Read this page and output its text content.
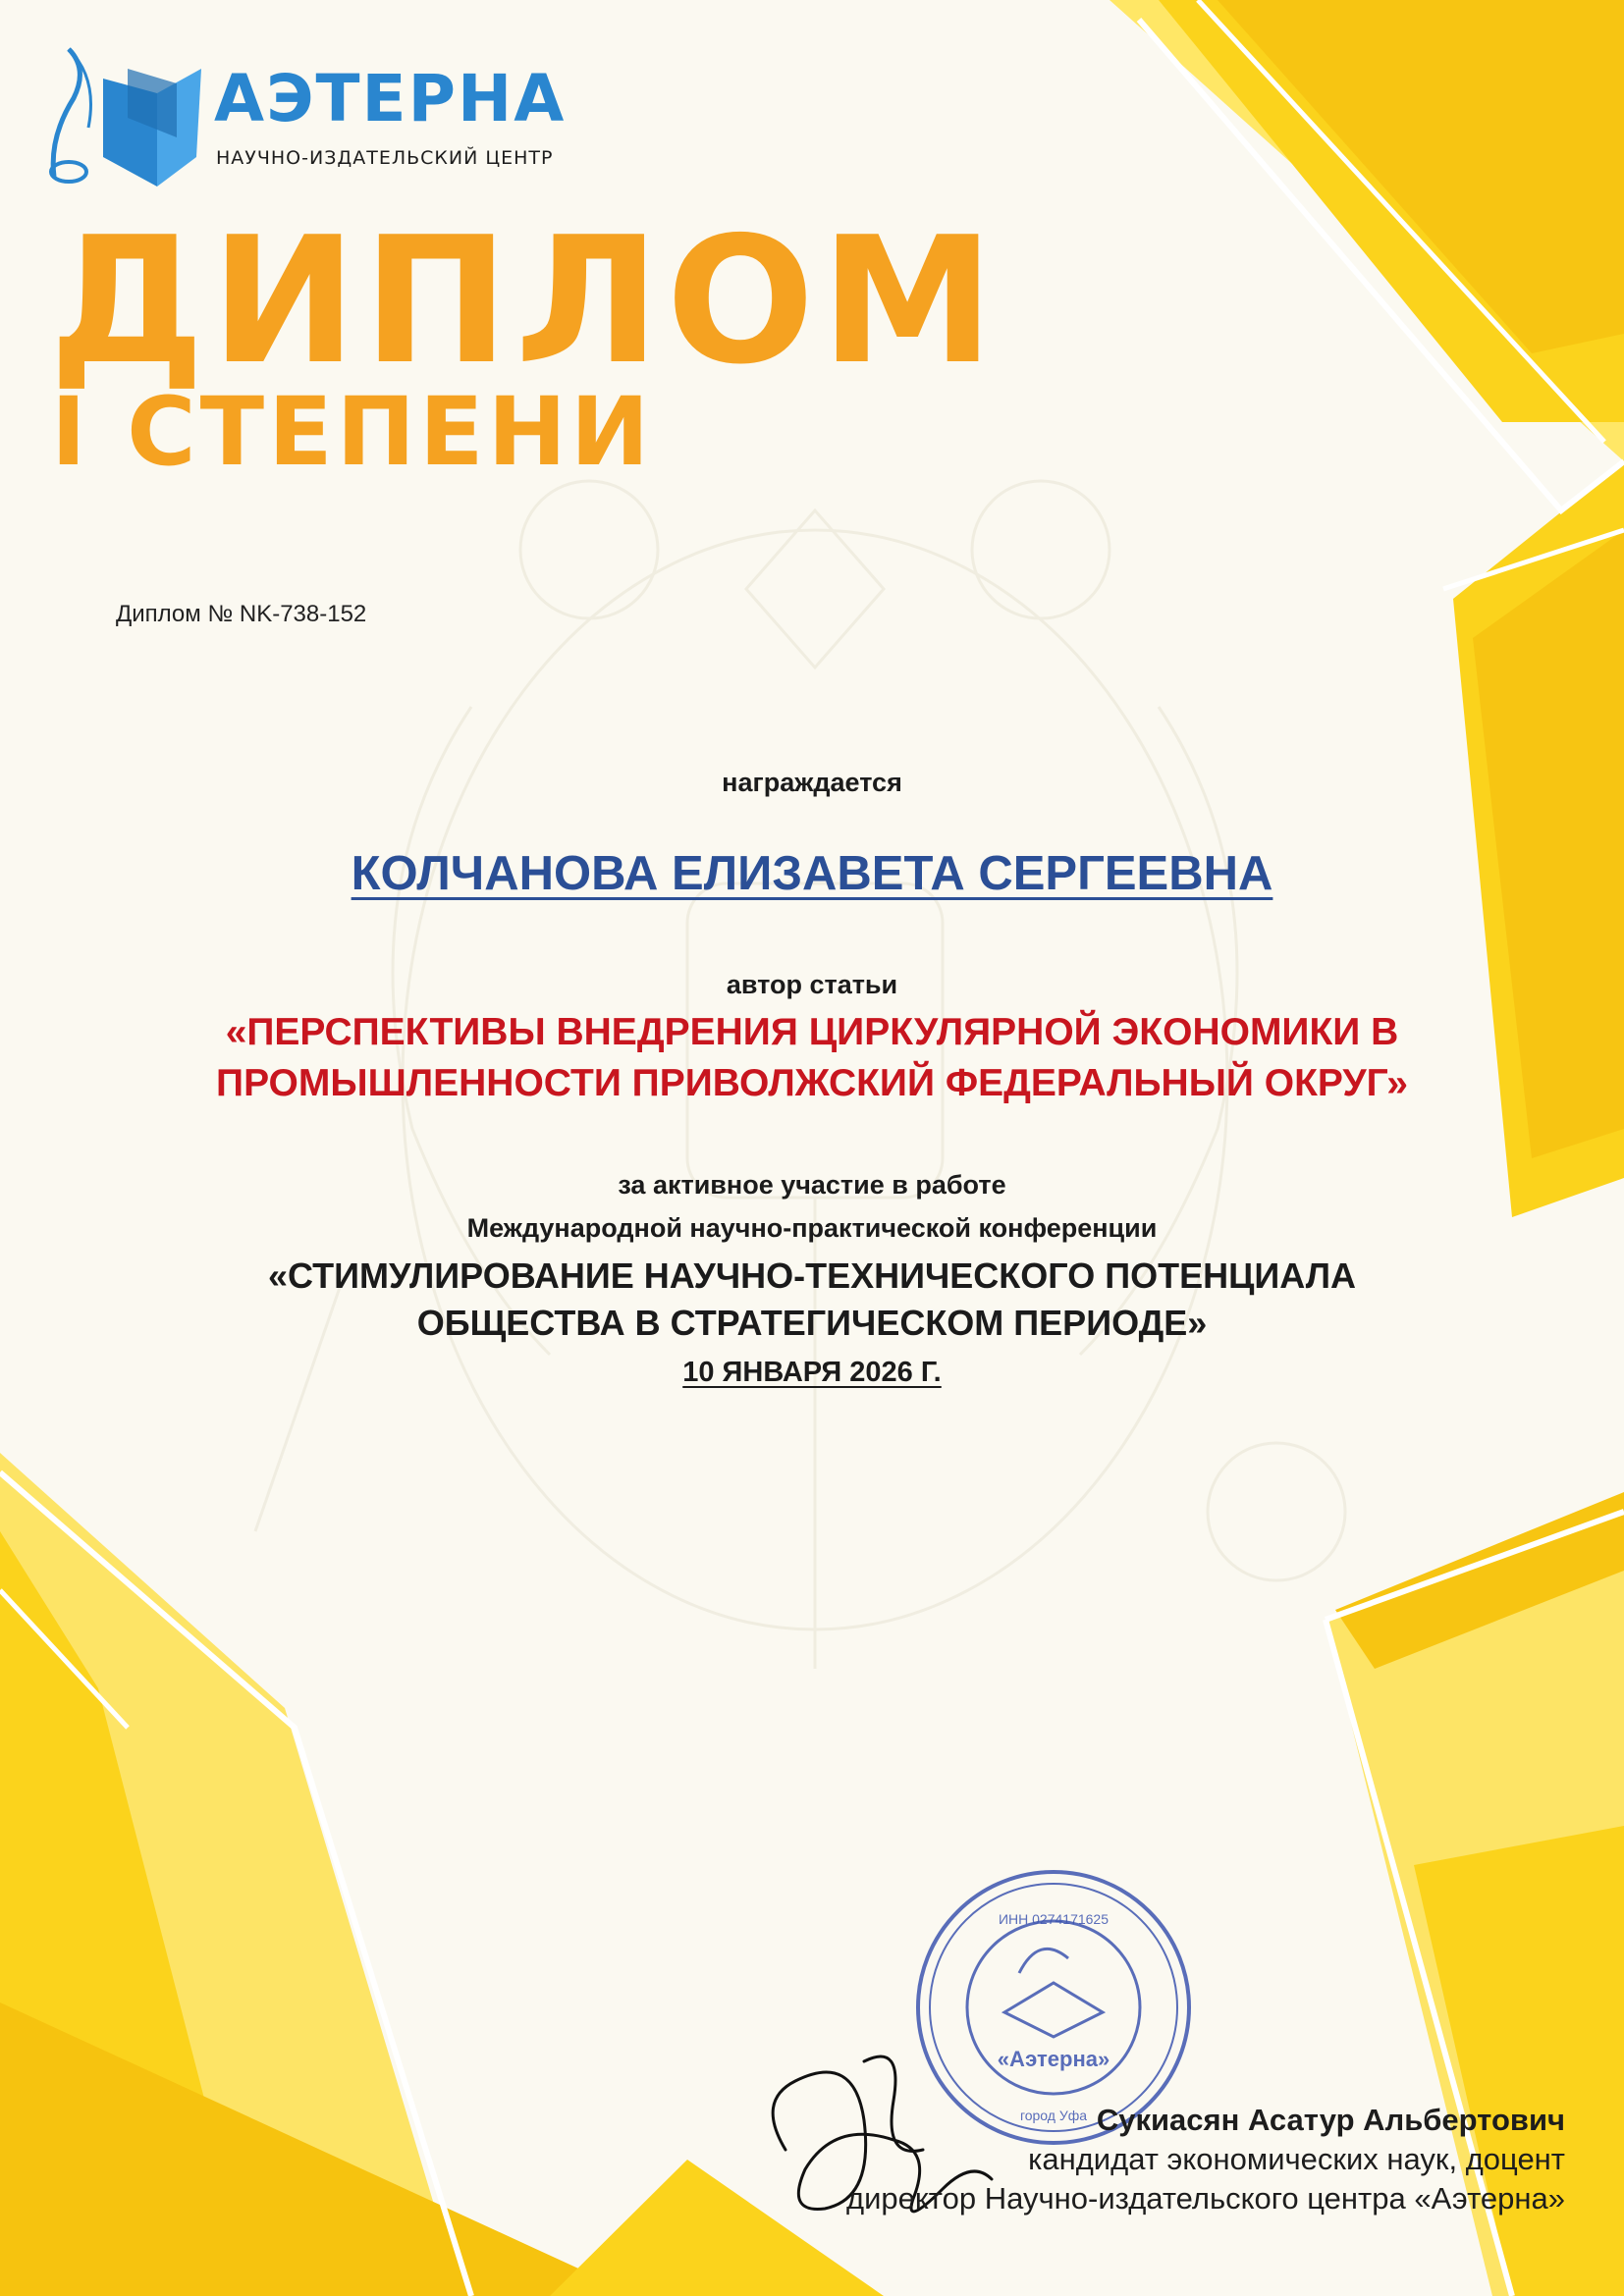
АЭТЕРНА
НАУЧНО-ИЗДАТЕЛЬСКИЙ ЦЕНТР
ДИПЛОМ
I СТЕПЕНИ
Диплом № NK-738-152
награждается
КОЛЧАНОВА ЕЛИЗАВЕТА СЕРГЕЕВНА
автор статьи
«ПЕРСПЕКТИВЫ ВНЕДРЕНИЯ ЦИРКУЛЯРНОЙ ЭКОНОМИКИ В
ПРОМЫШЛЕННОСТИ ПРИВОЛЖСКИЙ ФЕДЕРАЛЬНЫЙ ОКРУГ»
за активное участие в работе
Международной научно-практической конференции
«СТИМУЛИРОВАНИЕ НАУЧНО-ТЕХНИЧЕСКОГО ПОТЕНЦИАЛА
ОБЩЕСТВА В СТРАТЕГИЧЕСКОМ ПЕРИОДЕ»
10 ЯНВАРЯ 2026 Г.
«Аэтерна»
ИНН 0274171625
город Уфа Сукиасян Асатур Альбертович
кандидат экономических наук, доцент
директор Научно-издательского центра «Аэтерна»
